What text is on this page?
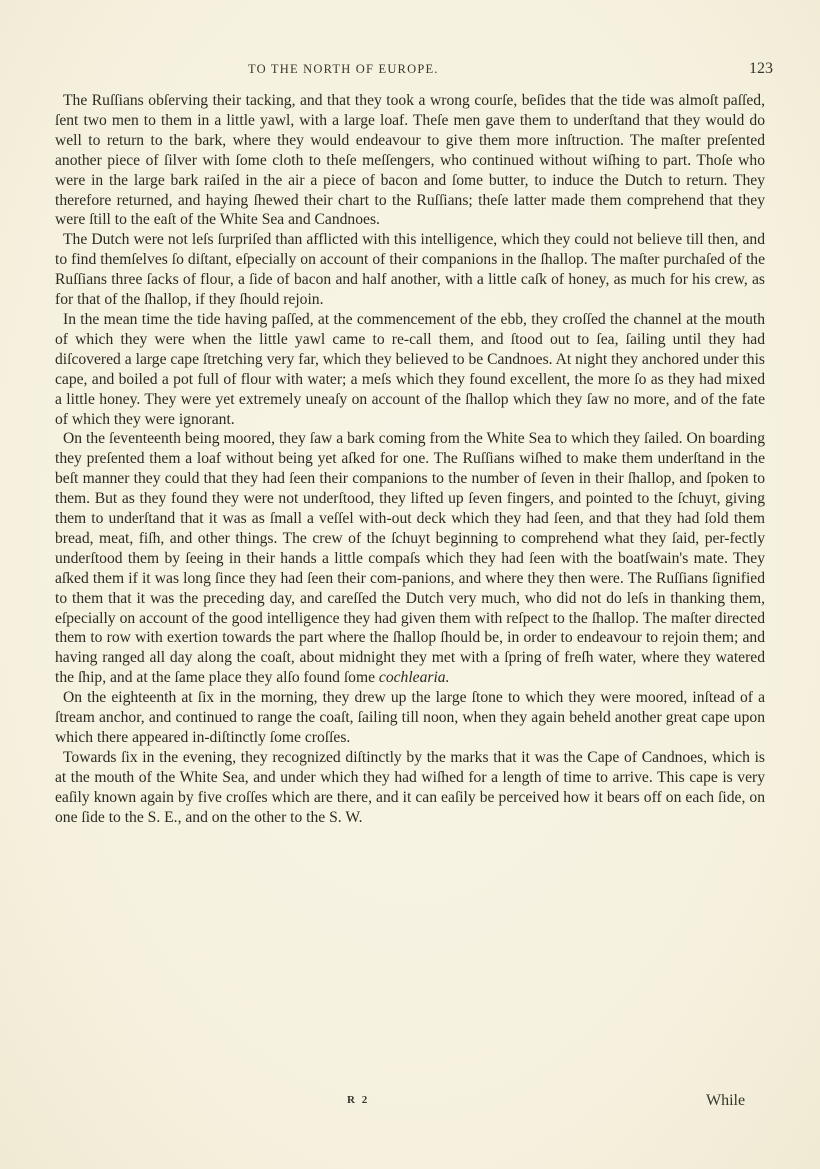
TO THE NORTH OF EUROPE.	123

The Ruſſians obſerving their tacking, and that they took a wrong courſe, beſides that the tide was almoſt paſſed, ſent two men to them in a little yawl, with a large loaf. Theſe men gave them to underſtand that they would do well to return to the bark, where they would endeavour to give them more inſtruction. The maſter preſented another piece of ſilver with ſome cloth to theſe meſſengers, who continued without wiſhing to part. Thoſe who were in the large bark raiſed in the air a piece of bacon and ſome butter, to induce the Dutch to return. They therefore returned, and haying ſhewed their chart to the Ruſſians; theſe latter made them comprehend that they were ſtill to the eaſt of the White Sea and Candnoes.

The Dutch were not leſs ſurpriſed than afflicted with this intelligence, which they could not believe till then, and to find themſelves ſo diſtant, eſpecially on account of their companions in the ſhallop. The maſter purchaſed of the Ruſſians three ſacks of flour, a ſide of bacon and half another, with a little caſk of honey, as much for his crew, as for that of the ſhallop, if they ſhould rejoin.

In the mean time the tide having paſſed, at the commencement of the ebb, they croſſed the channel at the mouth of which they were when the little yawl came to re-call them, and ſtood out to ſea, ſailing until they had diſcovered a large cape ſtretching very far, which they believed to be Candnoes. At night they anchored under this cape, and boiled a pot full of flour with water; a meſs which they found excellent, the more ſo as they had mixed a little honey. They were yet extremely uneaſy on account of the ſhallop which they ſaw no more, and of the fate of which they were ignorant.

On the ſeventeenth being moored, they ſaw a bark coming from the White Sea to which they ſailed. On boarding they preſented them a loaf without being yet aſked for one. The Ruſſians wiſhed to make them underſtand in the beſt manner they could that they had ſeen their companions to the number of ſeven in their ſhallop, and ſpoken to them. But as they found they were not underſtood, they lifted up ſeven fingers, and pointed to the ſchuyt, giving them to underſtand that it was as ſmall a veſſel with-out deck which they had ſeen, and that they had ſold them bread, meat, fiſh, and other things. The crew of the ſchuyt beginning to comprehend what they ſaid, per-fectly underſtood them by ſeeing in their hands a little compaſs which they had ſeen with the boatſwain's mate. They aſked them if it was long ſince they had ſeen their com-panions, and where they then were. The Ruſſians ſignified to them that it was the preceding day, and careſſed the Dutch very much, who did not do leſs in thanking them, eſpecially on account of the good intelligence they had given them with reſpect to the ſhallop. The maſter directed them to row with exertion towards the part where the ſhallop ſhould be, in order to endeavour to rejoin them; and having ranged all day along the coaſt, about midnight they met with a ſpring of freſh water, where they watered the ſhip, and at the ſame place they alſo found ſome cochlearia.

On the eighteenth at ſix in the morning, they drew up the large ſtone to which they were moored, inſtead of a ſtream anchor, and continued to range the coaſt, ſailing till noon, when they again beheld another great cape upon which there appeared in-diſtinctly ſome croſſes.

Towards ſix in the evening, they recognized diſtinctly by the marks that it was the Cape of Candnoes, which is at the mouth of the White Sea, and under which they had wiſhed for a length of time to arrive. This cape is very eaſily known again by five croſſes which are there, and it can eaſily be perceived how it bears off on each ſide, on one ſide to the S. E., and on the other to the S. W.

R 2	While
